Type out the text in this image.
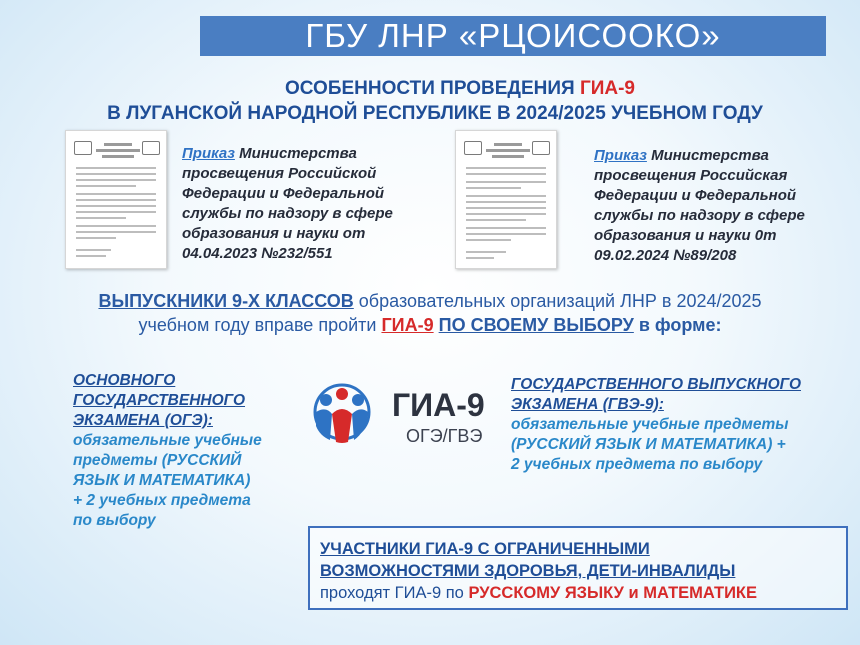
ГБУ ЛНР «РЦОИСООКО»
ОСОБЕННОСТИ ПРОВЕДЕНИЯ ГИА-9
В ЛУГАНСКОЙ НАРОДНОЙ РЕСПУБЛИКЕ В 2024/2025 УЧЕБНОМ ГОДУ
Приказ Министерства
просвещения Российской
Федерации и Федеральной
службы по надзору в сфере
образования и науки от
04.04.2023 №232/551
Приказ Министерства
просвещения Российская
Федерации и Федеральной
службы по надзору в сфере
образования и науки 0т
09.02.2024 №89/208
ВЫПУСКНИКИ 9-Х КЛАССОВ образовательных организаций ЛНР в 2024/2025
учебном году вправе пройти ГИА-9 ПО СВОЕМУ ВЫБОРУ в форме:
ОСНОВНОГО
ГОСУДАРСТВЕННОГО
ЭКЗАМЕНА (ОГЭ):
обязательные учебные
предметы (РУССКИЙ
ЯЗЫК И МАТЕМАТИКА)
+ 2 учебных предмета
по выбору
ГИА-9
ОГЭ/ГВЭ
ГОСУДАРСТВЕННОГО ВЫПУСКНОГО
ЭКЗАМЕНА (ГВЭ-9):
обязательные учебные предметы
(РУССКИЙ ЯЗЫК И МАТЕМАТИКА) +
2 учебных предмета по выбору
УЧАСТНИКИ ГИА-9 С ОГРАНИЧЕННЫМИ
ВОЗМОЖНОСТЯМИ ЗДОРОВЬЯ, ДЕТИ-ИНВАЛИДЫ
проходят ГИА-9 по РУССКОМУ ЯЗЫКУ и МАТЕМАТИКЕ
